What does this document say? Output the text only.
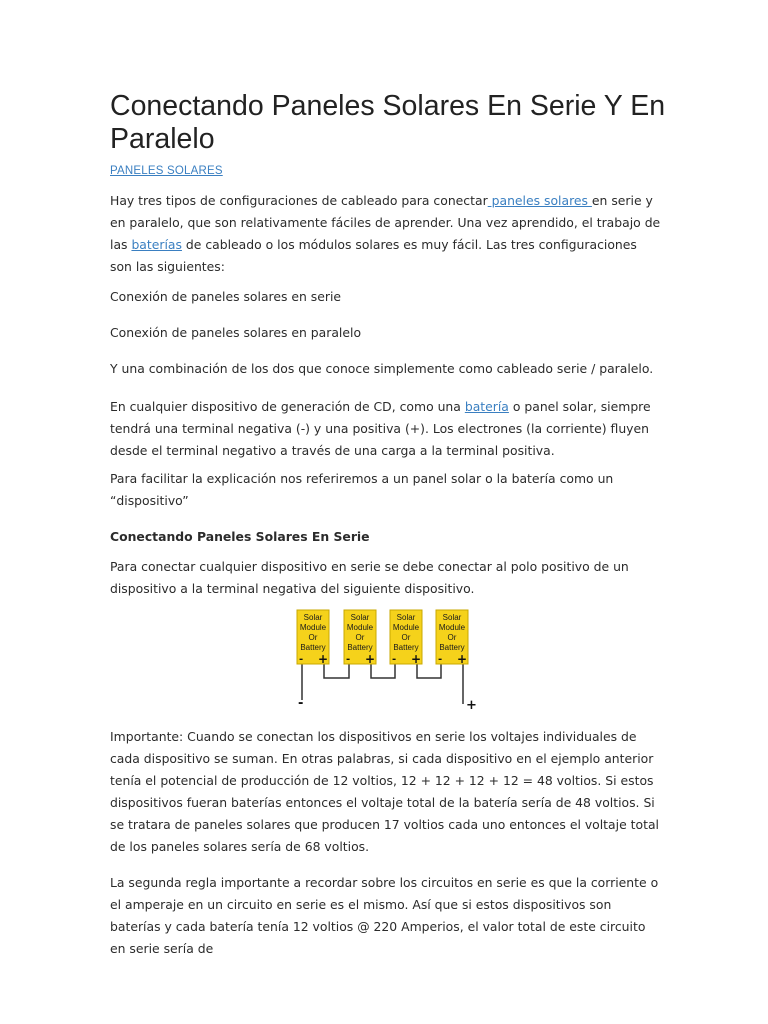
Conectando Paneles Solares En Serie Y En Paralelo
PANELES SOLARES

Hay tres tipos de configuraciones de cableado para conectar paneles solares en serie y en paralelo, que son relativamente fáciles de aprender. Una vez aprendido, el trabajo de las baterías de cableado o los módulos solares es muy fácil. Las tres configuraciones son las siguientes:

Conexión de paneles solares en serie

Conexión de paneles solares en paralelo

Y una combinación de los dos que conoce simplemente como cableado serie / paralelo.

En cualquier dispositivo de generación de CD, como una batería o panel solar, siempre tendrá una terminal negativa (-) y una positiva (+). Los electrones (la corriente) fluyen desde el terminal negativo a través de una carga a la terminal positiva.

Para facilitar la explicación nos referiremos a un panel solar o la batería como un “dispositivo”

Conectando Paneles Solares En Serie

Para conectar cualquier dispositivo en serie se debe conectar al polo positivo de un dispositivo a la terminal negativa del siguiente dispositivo.

Importante: Cuando se conectan los dispositivos en serie los voltajes individuales de cada dispositivo se suman. En otras palabras, si cada dispositivo en el ejemplo anterior tenía el potencial de producción de 12 voltios, 12 + 12 + 12 + 12 = 48 voltios. Si estos dispositivos fueran baterías entonces el voltaje total de la batería sería de 48 voltios. Si se tratara de paneles solares que producen 17 voltios cada uno entonces el voltaje total de los paneles solares sería de 68 voltios.

La segunda regla importante a recordar sobre los circuitos en serie es que la corriente o el amperaje en un circuito en serie es el mismo. Así que si estos dispositivos son baterías y cada batería tenía 12 voltios @ 220 Amperios, el valor total de este circuito en serie sería de

Solar
Module
Or
Battery
- +
Solar
Module
Or
Battery
- +
Solar
Module
Or
Battery
- +
Solar
Module
Or
Battery
- +
-	+
